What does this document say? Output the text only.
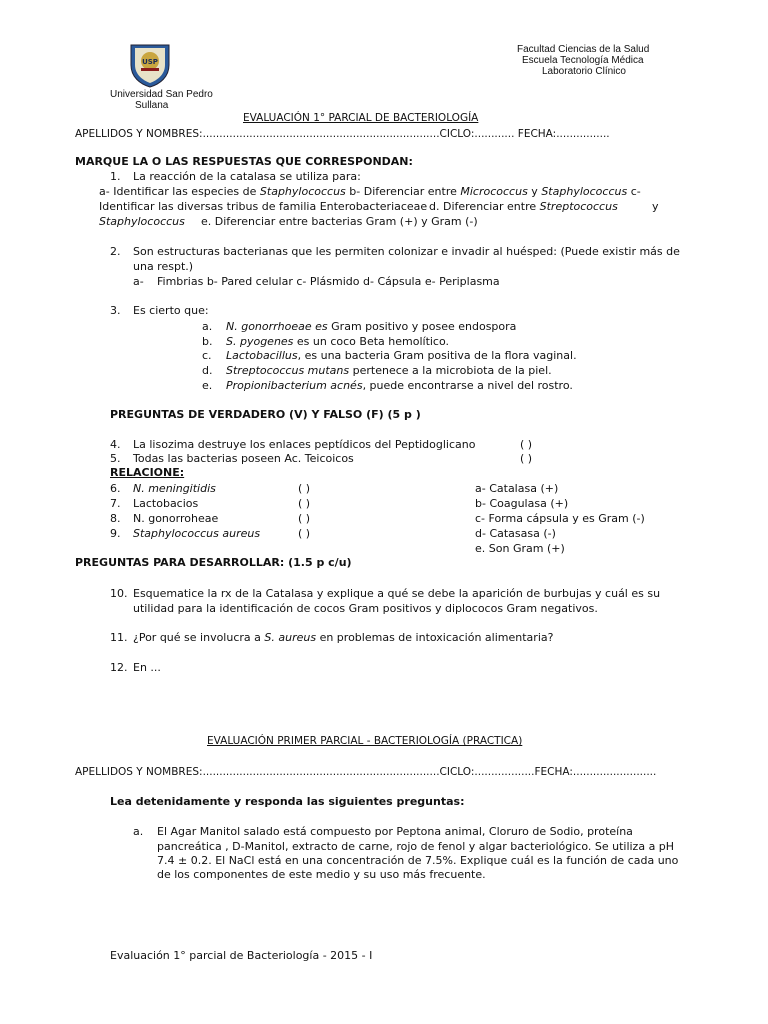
USP
Universidad San Pedro
Sullana
Facultad Ciencias de la Salud
Escuela Tecnología Médica
Laboratorio Clínico
EVALUACIÓN 1° PARCIAL DE BACTERIOLOGÍA
APELLIDOS Y NOMBRES:.......................................................................CICLO:............ FECHA:................
MARQUE LA O LAS RESPUESTAS QUE CORRESPONDAN:
1. La reacción de la catalasa se utiliza para:
a- Identificar las especies de Staphylococcus b- Diferenciar entre Micrococcus y Staphylococcus c-
Identificar las diversas tribus de familia Enterobacteriaceae d. Diferenciar entre Streptococcus	y
Staphylococcus e. Diferenciar entre bacterias Gram (+) y Gram (-)
2. Son estructuras bacterianas que les permiten colonizar e invadir al huésped: (Puede existir más de
una respt.)
a- Fimbrias b- Pared celular c- Plásmido d- Cápsula e- Periplasma
3. Es cierto que:
a. N. gonorrhoeae es Gram positivo y posee endospora
b. S. pyogenes es un coco Beta hemolítico.
c. Lactobacillus, es una bacteria Gram positiva de la flora vaginal.
d. Streptococcus mutans pertenece a la microbiota de la piel.
e. Propionibacterium acnés, puede encontrarse a nivel del rostro.
PREGUNTAS DE VERDADERO (V) Y FALSO (F) (5 p )
4. La lisozima destruye los enlaces peptídicos del Peptidoglicano	( )
5. Todas las bacterias poseen Ac. Teicoicos	( )
RELACIONE:
6. N. meningitidis	( )	a- Catalasa (+)
7. Lactobacios	( )	b- Coagulasa (+)
8. N. gonorroheae	( )	c- Forma cápsula y es Gram (-)
9. Staphylococcus aureus	( )	d- Catasasa (-)
e. Son Gram (+)
PREGUNTAS PARA DESARROLLAR: (1.5 p c/u)
10. Esquematice la rx de la Catalasa y explique a qué se debe la aparición de burbujas y cuál es su
utilidad para la identificación de cocos Gram positivos y diplococos Gram negativos.
11. ¿Por qué se involucra a S. aureus en problemas de intoxicación alimentaria?
12. En ...
EVALUACIÓN PRIMER PARCIAL - BACTERIOLOGÍA (PRACTICA)
APELLIDOS Y NOMBRES:.......................................................................CICLO:..................FECHA:.........................
Lea detenidamente y responda las siguientes preguntas:
a. El Agar Manitol salado está compuesto por Peptona animal, Cloruro de Sodio, proteína
pancreática , D-Manitol, extracto de carne, rojo de fenol y algar bacteriológico. Se utiliza a pH
7.4 ± 0.2. El NaCl está en una concentración de 7.5%. Explique cuál es la función de cada uno
de los componentes de este medio y su uso más frecuente.
Evaluación 1° parcial de Bacteriología - 2015 - I
